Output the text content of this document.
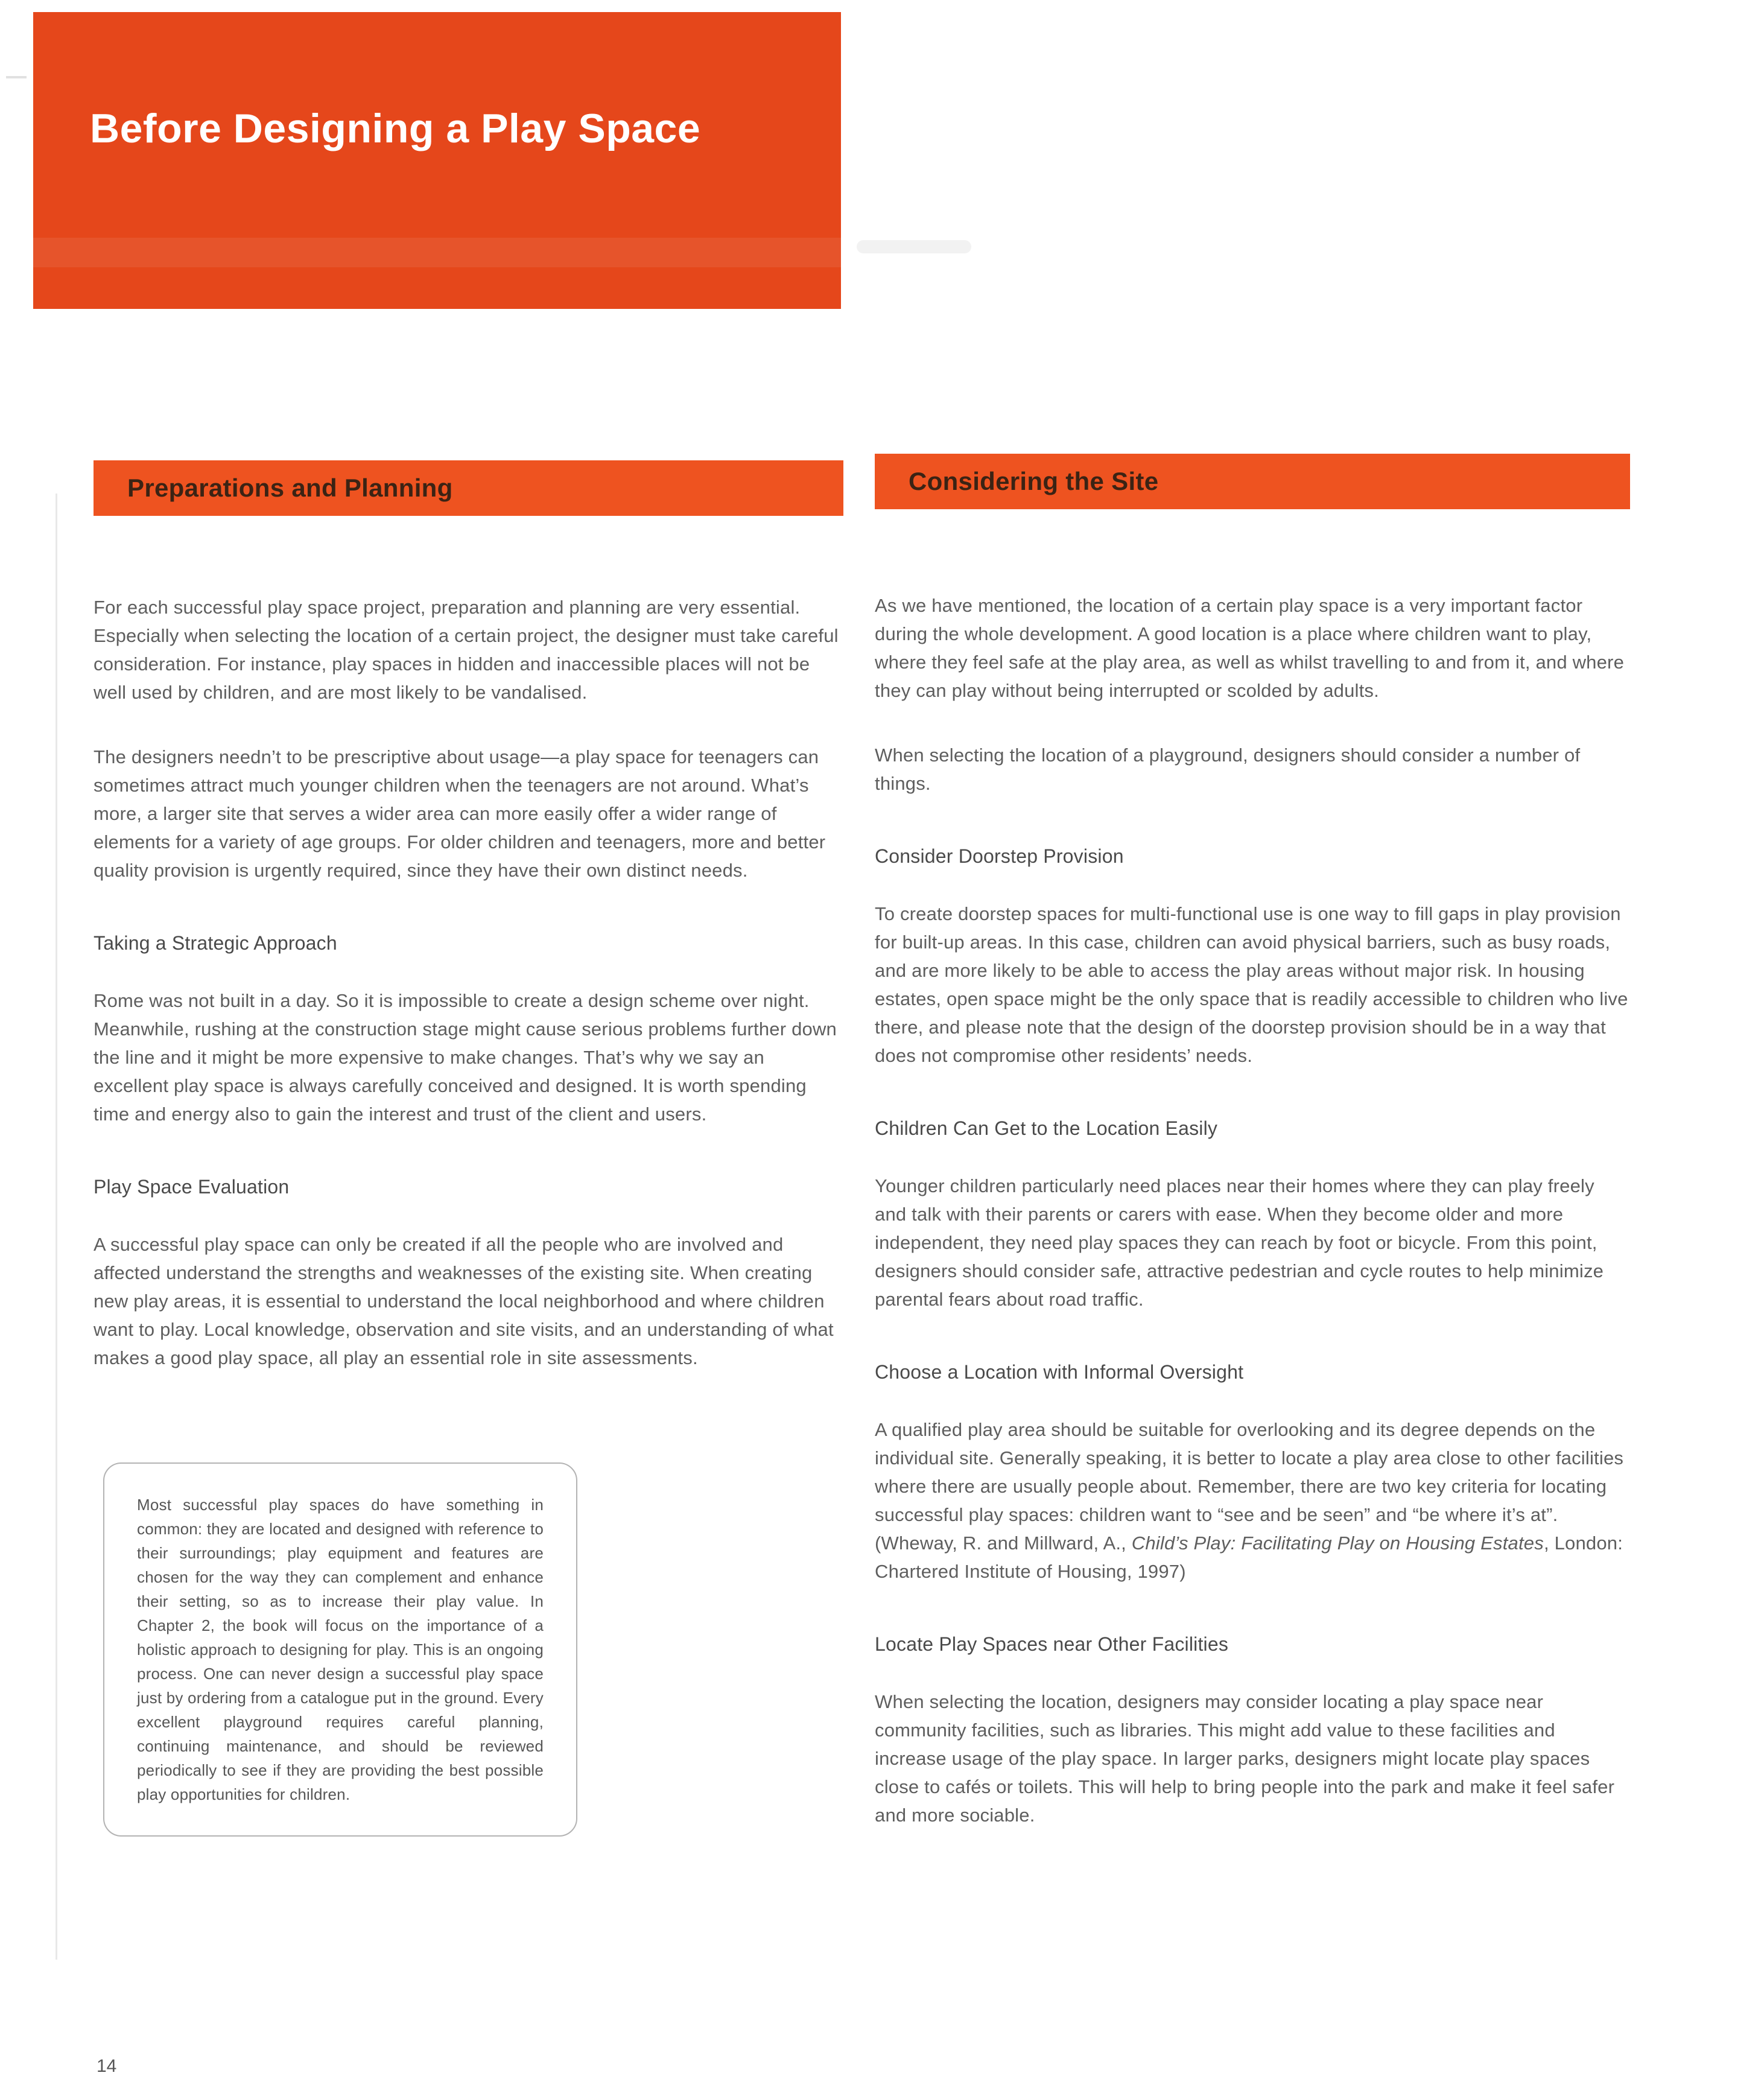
Before Designing a Play Space
Preparations and Planning

For each successful play space project, preparation and planning are very essential. Especially when selecting the location of a certain project, the designer must take careful consideration. For instance, play spaces in hidden and inaccessible places will not be well used by children, and are most likely to be vandalised.

The designers needn’t to be prescriptive about usage—a play space for teenagers can sometimes attract much younger children when the teenagers are not around. What’s more, a larger site that serves a wider area can more easily offer a wider range of elements for a variety of age groups. For older children and teenagers, more and better quality provision is urgently required, since they have their own distinct needs.

Taking a Strategic Approach

Rome was not built in a day. So it is impossible to create a design scheme over night. Meanwhile, rushing at the construction stage might cause serious problems further down the line and it might be more expensive to make changes. That’s why we say an excellent play space is always carefully conceived and designed. It is worth spending time and energy also to gain the interest and trust of the client and users.

Play Space Evaluation

A successful play space can only be created if all the people who are involved and affected understand the strengths and weaknesses of the existing site. When creating new play areas, it is essential to understand the local neighborhood and where children want to play. Local knowledge, observation and site visits, and an understanding of what makes a good play space, all play an essential role in site assessments.

Most successful play spaces do have something in common: they are located and designed with reference to their surroundings; play equipment and features are chosen for the way they can complement and enhance their setting, so as to increase their play value. In Chapter 2, the book will focus on the importance of a holistic approach to designing for play. This is an ongoing process. One can never design a successful play space just by ordering from a catalogue put in the ground. Every excellent playground requires careful planning, continuing maintenance, and should be reviewed periodically to see if they are providing the best possible play opportunities for children.

Considering the Site

As we have mentioned, the location of a certain play space is a very important factor during the whole development. A good location is a place where children want to play, where they feel safe at the play area, as well as whilst travelling to and from it, and where they can play without being interrupted or scolded by adults.

When selecting the location of a playground, designers should consider a number of things.

Consider Doorstep Provision

To create doorstep spaces for multi-functional use is one way to fill gaps in play provision for built-up areas. In this case, children can avoid physical barriers, such as busy roads, and are more likely to be able to access the play areas without major risk. In housing estates, open space might be the only space that is readily accessible to children who live there, and please note that the design of the doorstep provision should be in a way that does not compromise other residents’ needs.

Children Can Get to the Location Easily

Younger children particularly need places near their homes where they can play freely and talk with their parents or carers with ease. When they become older and more independent, they need play spaces they can reach by foot or bicycle. From this point, designers should consider safe, attractive pedestrian and cycle routes to help minimize parental fears about road traffic.

Choose a Location with Informal Oversight

A qualified play area should be suitable for overlooking and its degree depends on the individual site. Generally speaking, it is better to locate a play area close to other facilities where there are usually people about. Remember, there are two key criteria for locating successful play spaces: children want to “see and be seen” and “be where it’s at”. (Wheway, R. and Millward, A., Child’s Play: Facilitating Play on Housing Estates, London: Chartered Institute of Housing, 1997)

Locate Play Spaces near Other Facilities

When selecting the location, designers may consider locating a play space near community facilities, such as libraries. This might add value to these facilities and increase usage of the play space. In larger parks, designers might locate play spaces close to cafés or toilets. This will help to bring people into the park and make it feel safer and more sociable.

14
